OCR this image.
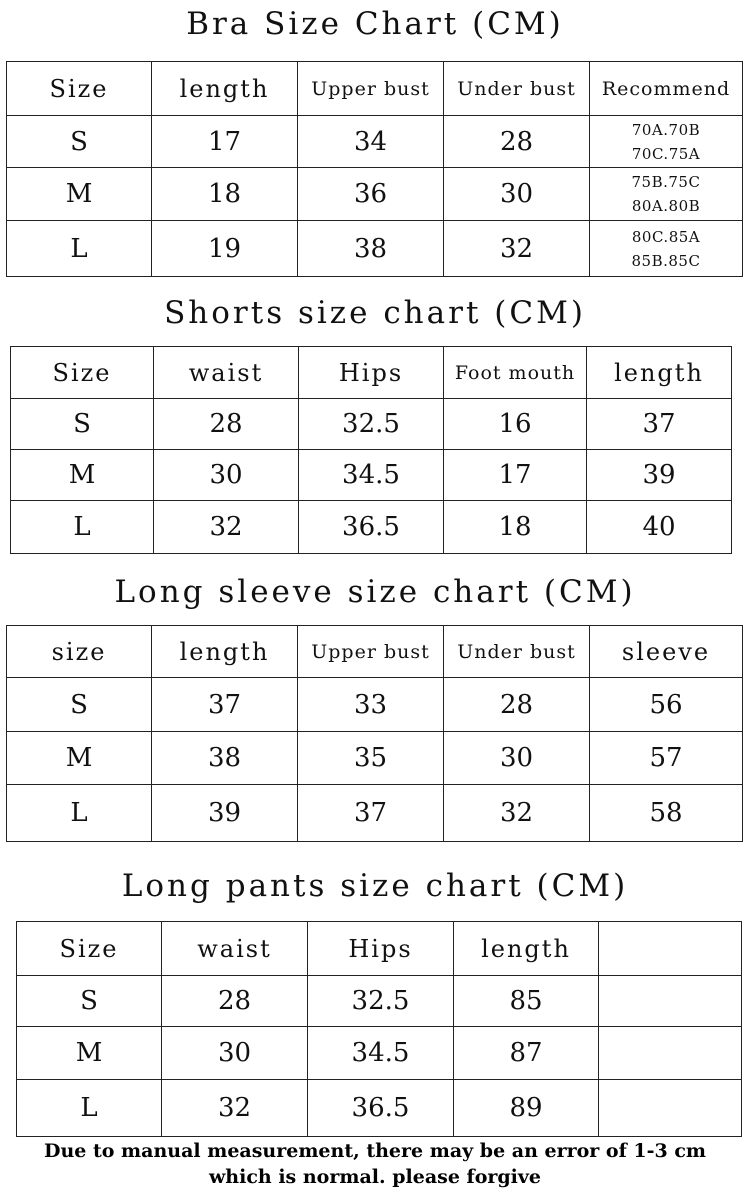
Bra Size Chart (CM)
Size	length	Upper bust	Under bust	Recommend
S	17	34	28	70A.70B
70C.75A

M	18	36	30	75B.75C
80A.80B

L	19	38	32	80C.85A
85B.85C
Shorts size chart (CM)
Size	waist	Hips	Foot mouth	length
S	28	32.5	16	37
M	30	34.5	17	39
L	32	36.5	18	40
Long sleeve size chart (CM)
size	length	Upper bust	Under bust	sleeve
S	37	33	28	56
M	38	35	30	57
L	39	37	32	58
Long pants size chart (CM)
Size	waist	Hips	length	
S	28	32.5	85	
M	30	34.5	87	
L	32	36.5	89	
Due to manual measurement, there may be an error of 1-3 cm
which is normal. please forgive
